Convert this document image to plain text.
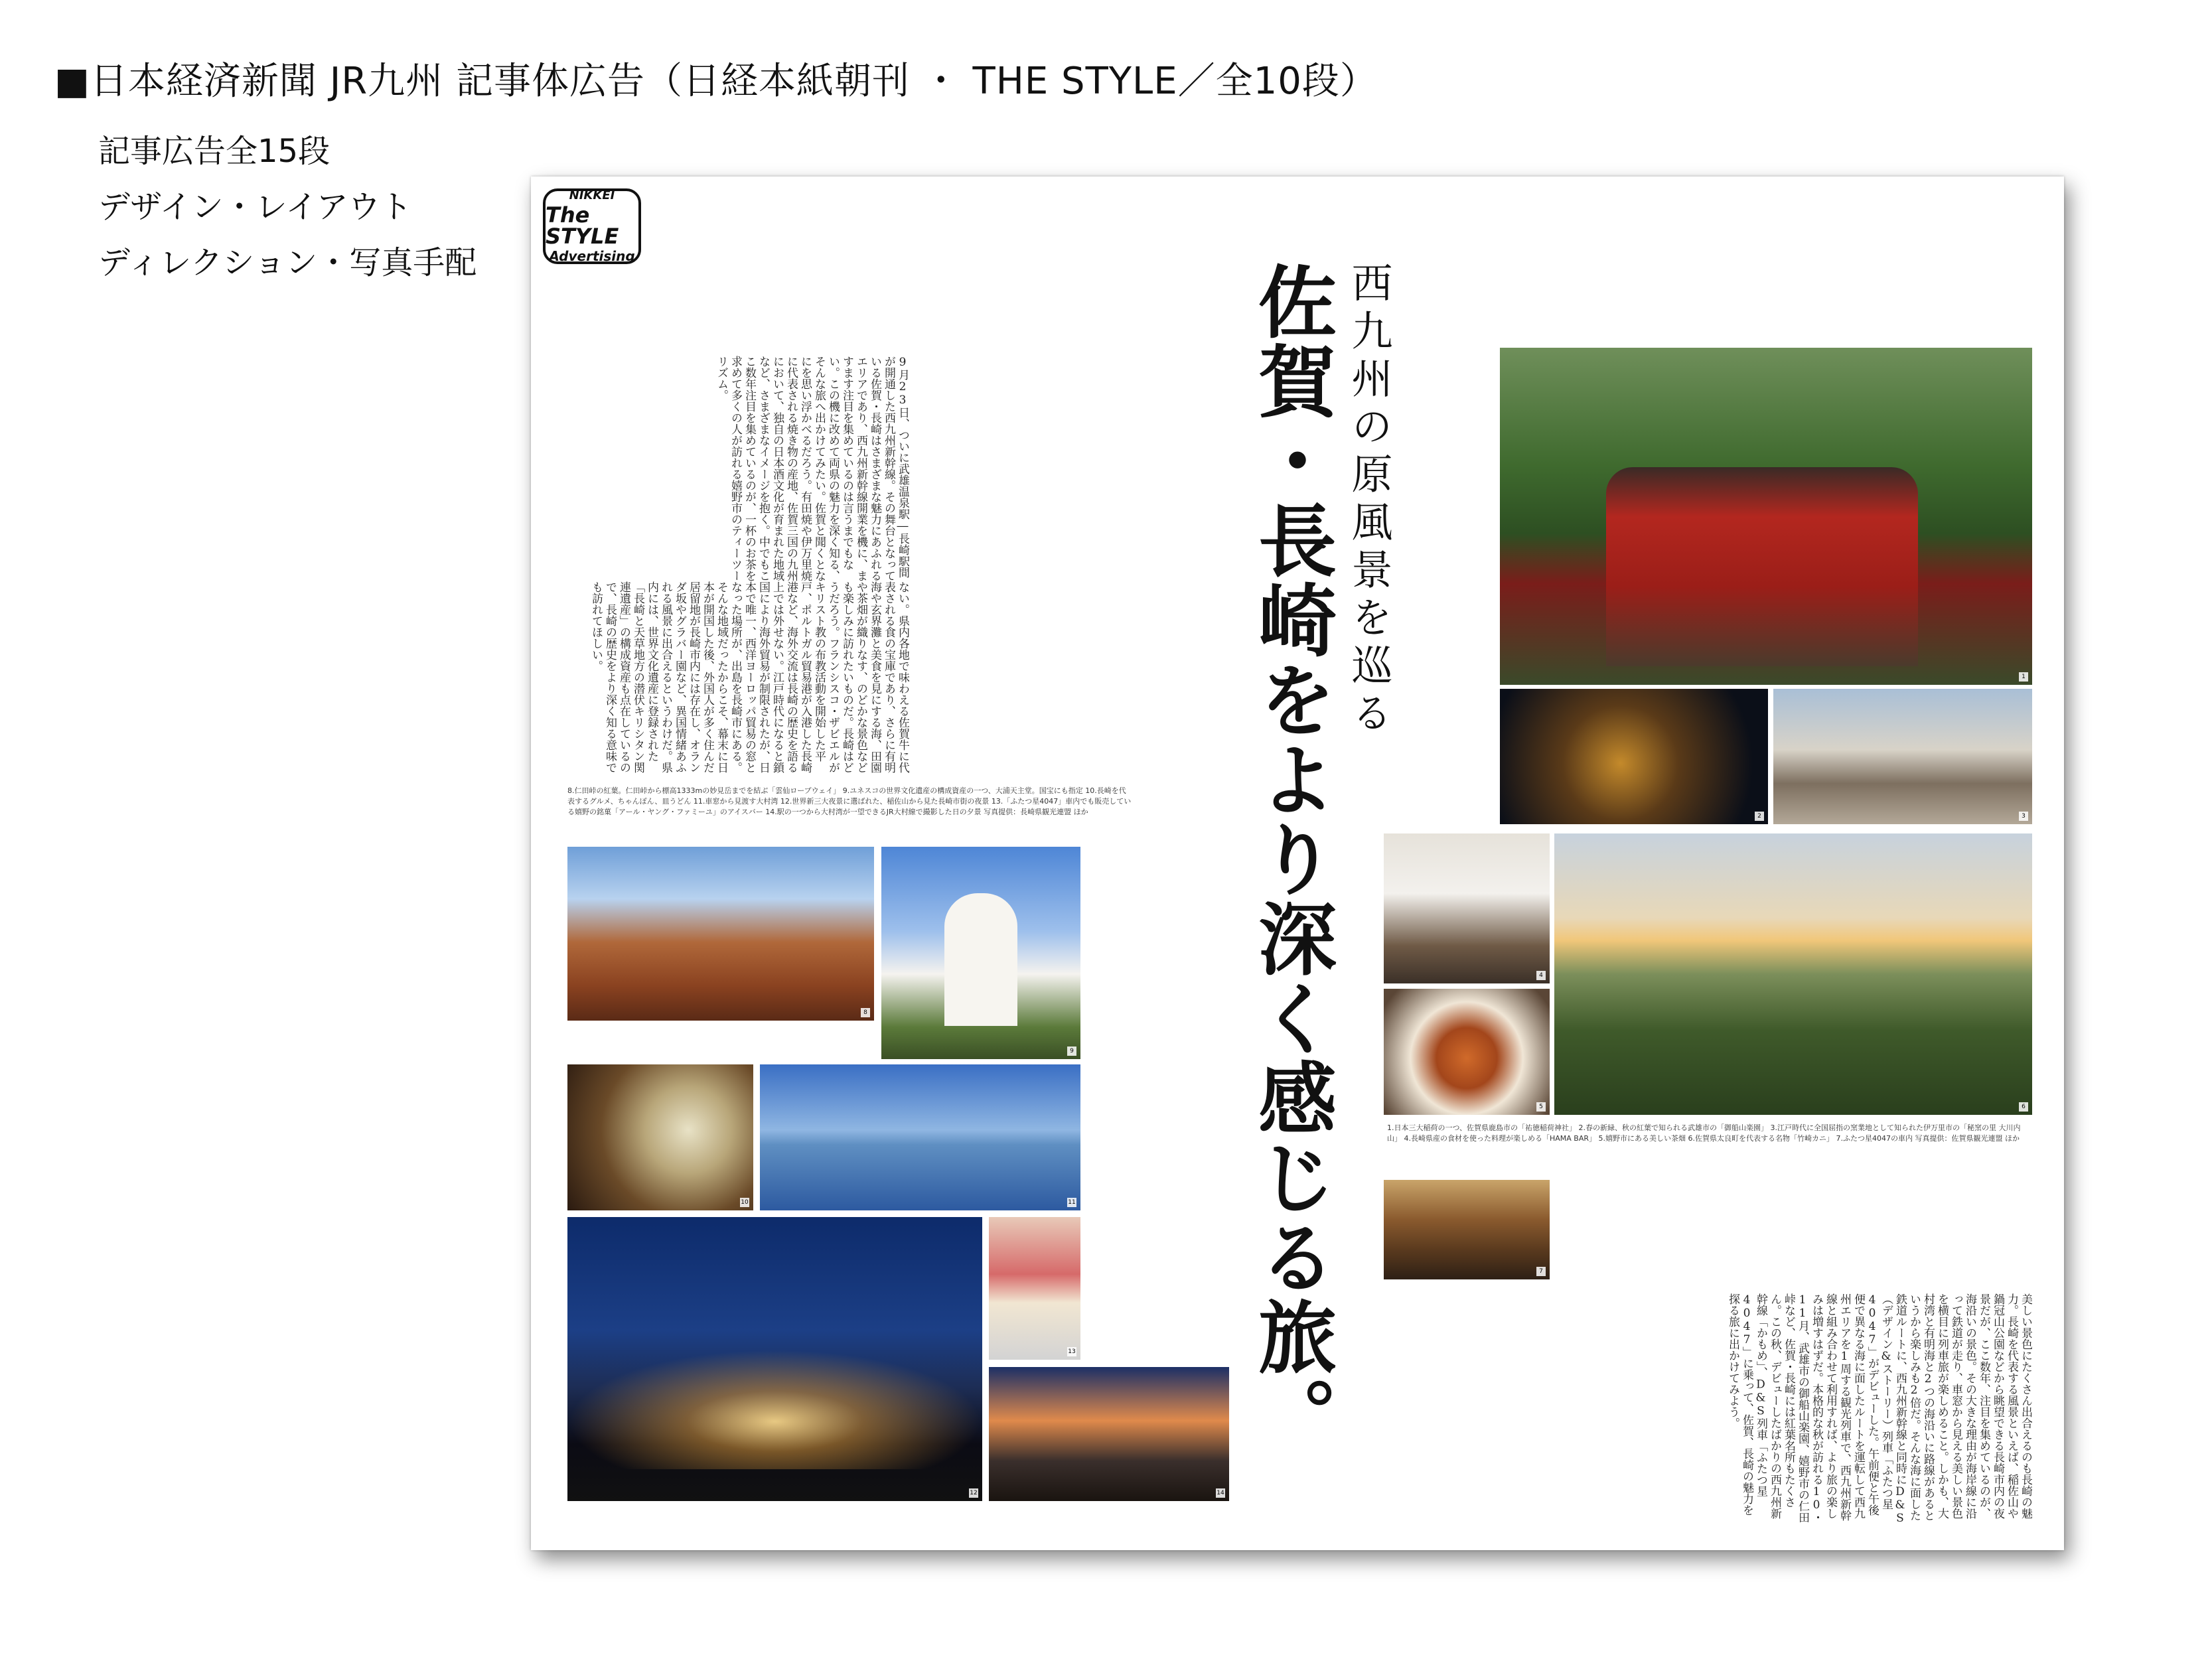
■日本経済新聞 JR九州 記事体広告（日経本紙朝刊 ・ THE STYLE／全10段）
記事広告全15段
デザイン・レイアウト
ディレクション・写真手配
NIKKEI
The STYLE
Advertising
西九州の原風景を巡る
佐賀・長崎をより深く感じる旅。
9月23日、ついに武雄温泉駅―長崎駅間が開通した西九州新幹線。その舞台となっている佐賀・長崎はさまざまな魅力にあふれるエリアであり、西九州新幹線開業を機に、ますます注目を集めているのは言うまでもない。この機に改めて両県の魅力を深く知る、そんな旅へ出かけてみたい。佐賀と聞くとなにを思い浮かべるだろう。有田焼や伊万里焼に代表される焼き物の産地、佐賀三国の九州において、独自の日本酒文化が育まれた地域など、さまざまなイメージを抱く。中でもここ数年注目を集めているのが、一杯のお茶を求めて多くの人が訪れる嬉野市のティーツーリズム。
ない。県内各地で味わえる佐賀牛に代表される食の宝庫であり、さらに有明海や玄界灘と美食を見にする海、田園や茶畑が織りなす、のどかな景色なども楽しみに訪れたいものだ。長崎はどうだろう。フランシスコ・ザビエルがキリスト教の布教活動を開始した平戸、ポルトガル貿易港が入港した長崎港など、海外交流は長崎の歴史を語る上では外せない。江戸時代になると鎖国により海外貿易が制限されたが、日本で唯一、西洋ヨーロッパ貿易の窓となった場所が、出島を長崎市にある。そんな地域だったからこそ、幕末に日本が開国した後、外国人が多く住んだ居留地が長崎市内には存在し、オランダ坂やグラバー園など、異国情緒あふれる風景に出合えるというわけだ。県内には、世界文化遺産に登録された「長崎と天草地方の潜伏キリシタン関連遺産」の構成資産も点在しているので、長崎の歴史をより深く知る意味でも訪れてほしい。
美しい景色にたくさん出合えるのも長崎の魅力。長崎を代表する風景といえば、稲佐山や鍋冠山公園などから眺望できる長崎市内の夜景だが、ここ数年、注目を集めているのが、海沿いの景色。その大きな理由が海岸線に沿って鉄道が走り、車窓から見える美しい景色を横目に列車旅が楽しめること。しかも、大村湾と有明海と2つの海沿いに路線があるというから楽しみも2倍だ。そんな海に面した鉄道ルートに、西九州新幹線と同時にD&S（デザイン&ストーリー）列車「ふたつ星4047」がデビューした。午前便と午後便で異なる海に面したルートを運転して西九州エリアを1周する観光列車で、西九州新幹線と組み合わせて利用すれば、より旅の楽しみは増すはずだ。本格的な秋が訪れる10・11月、武雄市の御船山楽園、嬉野市の仁田峠など、佐賀・長崎には紅葉名所もたくさん。この秋、デビューしたばかりの西九州新幹線「かもめ」、D&S列車「ふたつ星4047」に乗って、佐賀、長崎の魅力を探る旅に出かけてみよう。
8.仁田峠の紅葉。仁田峠から標高1333mの妙見岳までを結ぶ「雲仙ロープウェイ」 9.ユネスコの世界文化遺産の構成資産の一つ、大浦天主堂。国宝にも指定 10.長崎を代表するグルメ、ちゃんぽん、皿うどん 11.車窓から見渡す大村湾 12.世界新三大夜景に選ばれた、稲佐山から見た長崎市街の夜景 13.「ふたつ星4047」車内でも販売している嬉野の銘菓「アール・ヤング・ファミーユ」のアイスバー 14.駅の一つから大村湾が一望できるJR大村線で撮影した日の夕景 写真提供：長崎県観光連盟 ほか
1.日本三大稲荷の一つ、佐賀県鹿島市の「祐徳稲荷神社」 2.春の新緑、秋の紅葉で知られる武雄市の「御船山楽園」 3.江戸時代に全国屈指の窯業地として知られた伊万里市の「秘窯の里 大川内山」 4.長崎県産の食材を使った料理が楽しめる「HAMA BAR」 5.嬉野市にある美しい茶畑 6.佐賀県太良町を代表する名物「竹崎カニ」 7.ふたつ星4047の車内 写真提供：佐賀県観光連盟 ほか
1
2	3
4
5	6
7
8
9
10	11
12
13
14
